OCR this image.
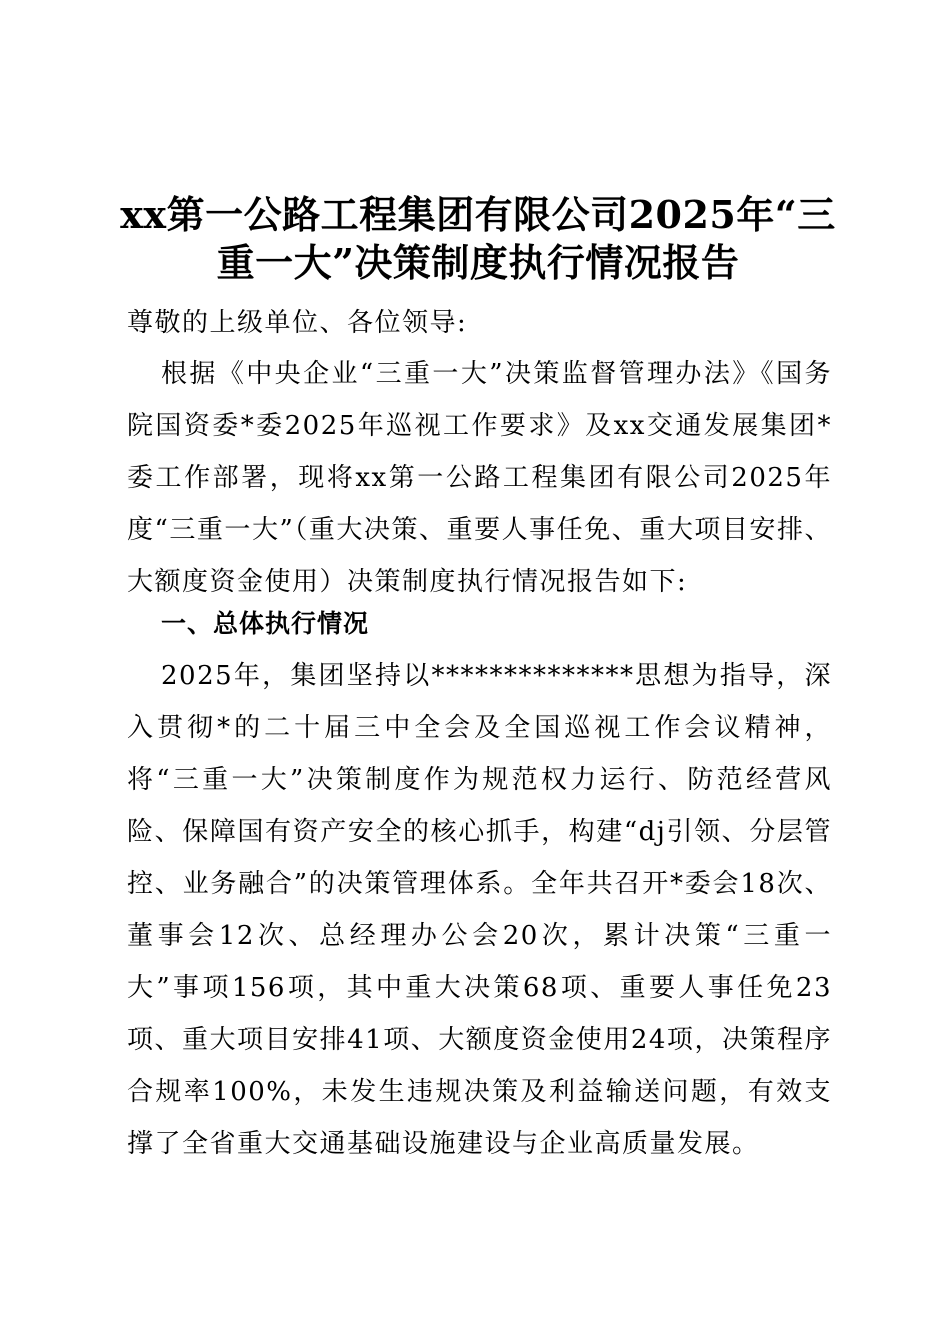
xx第一公路工程集团有限公司2025年“三重一大”决策制度执行情况报告

尊敬的上级单位、各位领导:

根据《中央企业“三重一大”决策监督管理办法》《国务院国资委*委2025年巡视工作要求》及xx交通发展集团*委工作部署，现将xx第一公路工程集团有限公司2025年度“三重一大”（重大决策、重要人事任免、重大项目安排、大额度资金使用）决策制度执行情况报告如下:

一、总体执行情况

2025年，集团坚持以**************思想为指导，深入贯彻*的二十届三中全会及全国巡视工作会议精神，将“三重一大”决策制度作为规范权力运行、防范经营风险、保障国有资产安全的核心抓手，构建“dj引领、分层管控、业务融合”的决策管理体系。全年共召开*委会18次、董事会12次、总经理办公会20次，累计决策“三重一大”事项156项，其中重大决策68项、重要人事任免23项、重大项目安排41项、大额度资金使用24项，决策程序合规率100%，未发生违规决策及利益输送问题，有效支撑了全省重大交通基础设施建设与企业高质量发展。
